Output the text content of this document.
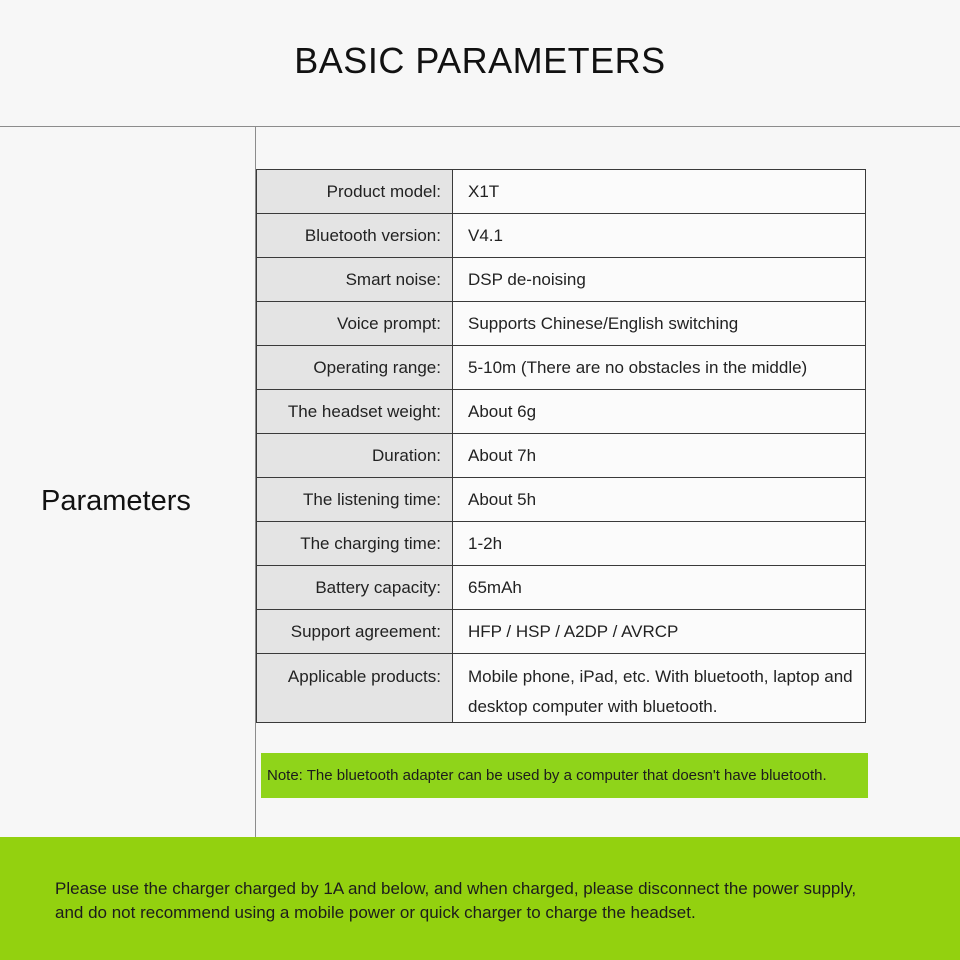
BASIC PARAMETERS
Parameters
Product model:	X1T
Bluetooth version:	V4.1
Smart noise:	DSP de-noising
Voice prompt:	Supports Chinese/English switching
Operating range:	5-10m (There are no obstacles in the middle)
The headset weight:	About 6g
Duration:	About 7h
The listening time:	About 5h
The charging time:	1-2h
Battery capacity:	65mAh
Support agreement:	HFP / HSP / A2DP / AVRCP
Applicable products:	Mobile phone, iPad, etc. With bluetooth, laptop and desktop computer with bluetooth.
Note: The bluetooth adapter can be used by a computer that doesn't have bluetooth.
Please use the charger charged by 1A and below, and when charged, please disconnect the power supply,
and do not recommend using a mobile power or quick charger to charge the headset.
